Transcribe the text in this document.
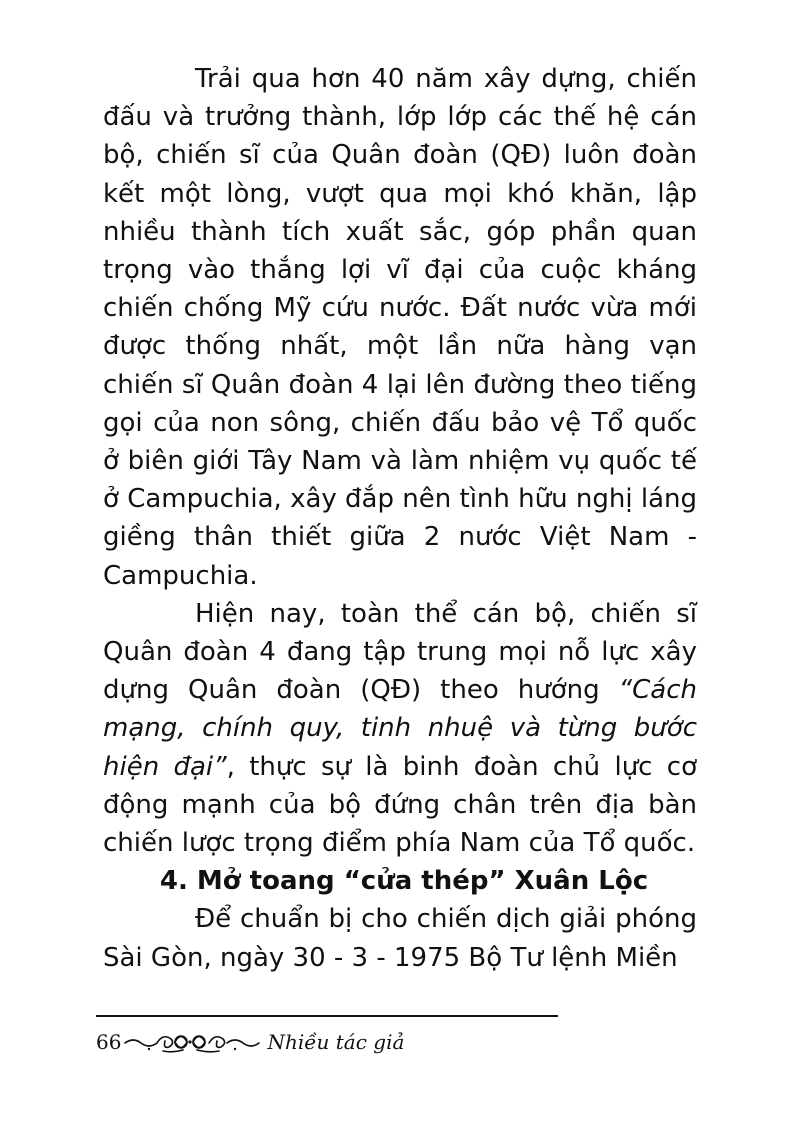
Trải qua hơn 40 năm xây dựng, chiến đấu và trưởng thành, lớp lớp các thế hệ cán bộ, chiến sĩ của Quân đoàn (QĐ) luôn đoàn kết một lòng, vượt qua mọi khó khăn, lập nhiều thành tích xuất sắc, góp phần quan trọng vào thắng lợi vĩ đại của cuộc kháng chiến chống Mỹ cứu nước. Đất nước vừa mới được thống nhất, một lần nữa hàng vạn chiến sĩ Quân đoàn 4 lại lên đường theo tiếng gọi của non sông, chiến đấu bảo vệ Tổ quốc ở biên giới Tây Nam và làm nhiệm vụ quốc tế ở Campuchia, xây đắp nên tình hữu nghị láng giềng thân thiết giữa 2 nước Việt Nam - Campuchia.

Hiện nay, toàn thể cán bộ, chiến sĩ Quân đoàn 4 đang tập trung mọi nỗ lực xây dựng Quân đoàn (QĐ) theo hướng “Cách mạng, chính quy, tinh nhuệ và từng bước hiện đại”, thực sự là binh đoàn chủ lực cơ động mạnh của bộ đứng chân trên địa bàn chiến lược trọng điểm phía Nam của Tổ quốc.

4. Mở toang “cửa thép” Xuân Lộc

Để chuẩn bị cho chiến dịch giải phóng Sài Gòn, ngày 30 - 3 - 1975 Bộ Tư lệnh Miền

66	Nhiều tác giả
